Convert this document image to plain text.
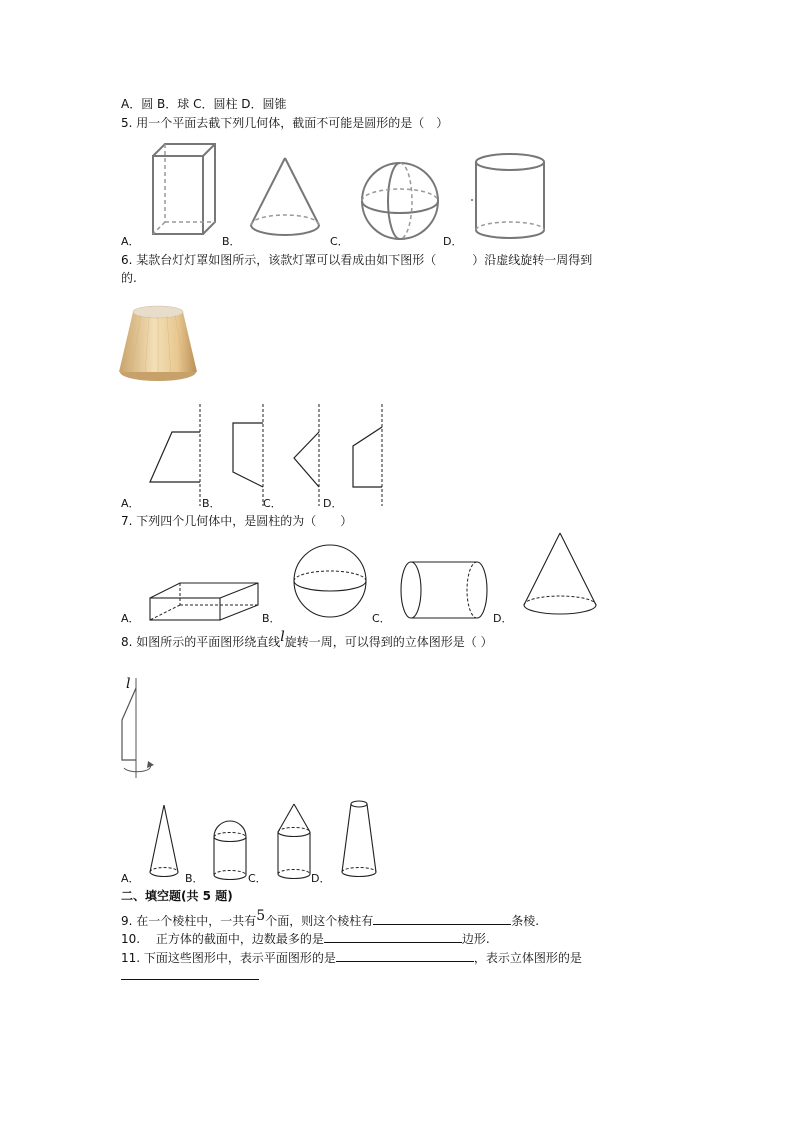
A．圆 B．球 C．圆柱 D．圆锥
5. 用一个平面去截下列几何体，截面不可能是圆形的是（　）
A．	B．	C．	D．
6. 某款台灯灯罩如图所示，该款灯罩可以看成由如下图形（　　　）沿虚线旋转一周得到
的.
A．	B．	C．	D．
7. 下列四个几何体中，是圆柱的为（　　）
A．	B．	C．	D．
8. 如图所示的平面图形绕直线l旋转一周，可以得到的立体图形是（ ）
l
A．	B．	C．	D．
二、填空题(共 5 题)
9. 在一个棱柱中，一共有5个面，则这个棱柱有	条棱.
10.　 正方体的截面中，边数最多的是	边形.
11. 下面这些图形中，表示平面图形的是	，表示立体图形的是
